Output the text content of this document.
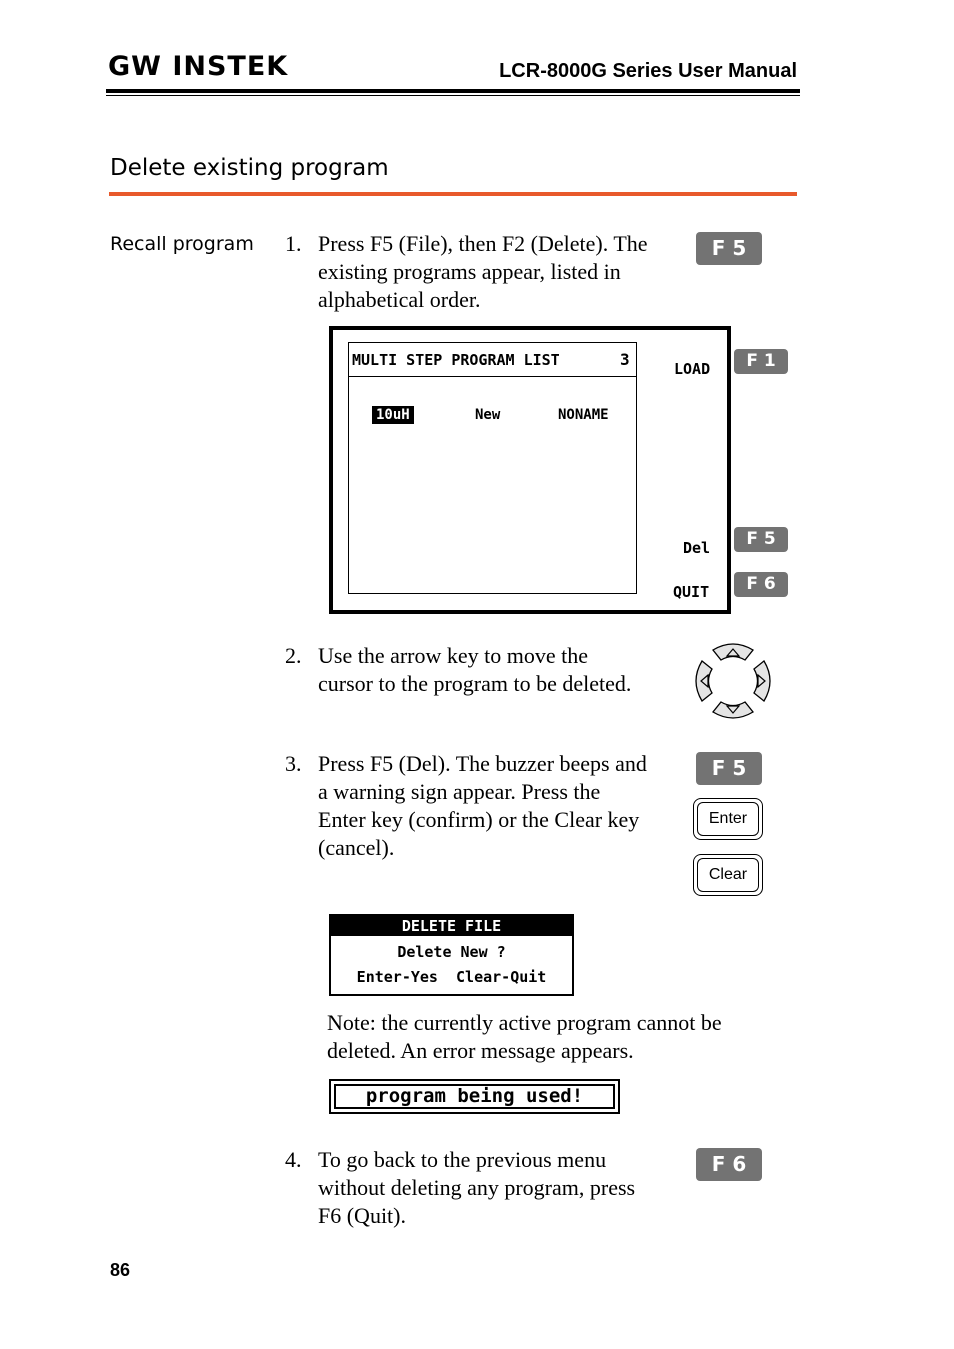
GW INSTEK	LCR-8000G Series User Manual
Delete existing program
Recall program 1. Press F5 (File), then F2 (Delete). The
existing programs appear, listed in
alphabetical order.
F 5
MULTI STEP PROGRAM LIST	3
10uH	New	NONAME
LOAD
Del
QUIT
F 1
F 5
F 6
2. Use the arrow key to move the
cursor to the program to be deleted.
3. Press F5 (Del). The buzzer beeps and
a warning sign appear. Press the
Enter key (confirm) or the Clear key
(cancel).
F 5
Enter
Clear
DELETE FILE
Delete New ?
Enter-Yes  Clear-Quit
Note: the currently active program cannot be
deleted. An error message appears.
program being used!
4. To go back to the previous menu
without deleting any program, press
F6 (Quit).
F 6
86
